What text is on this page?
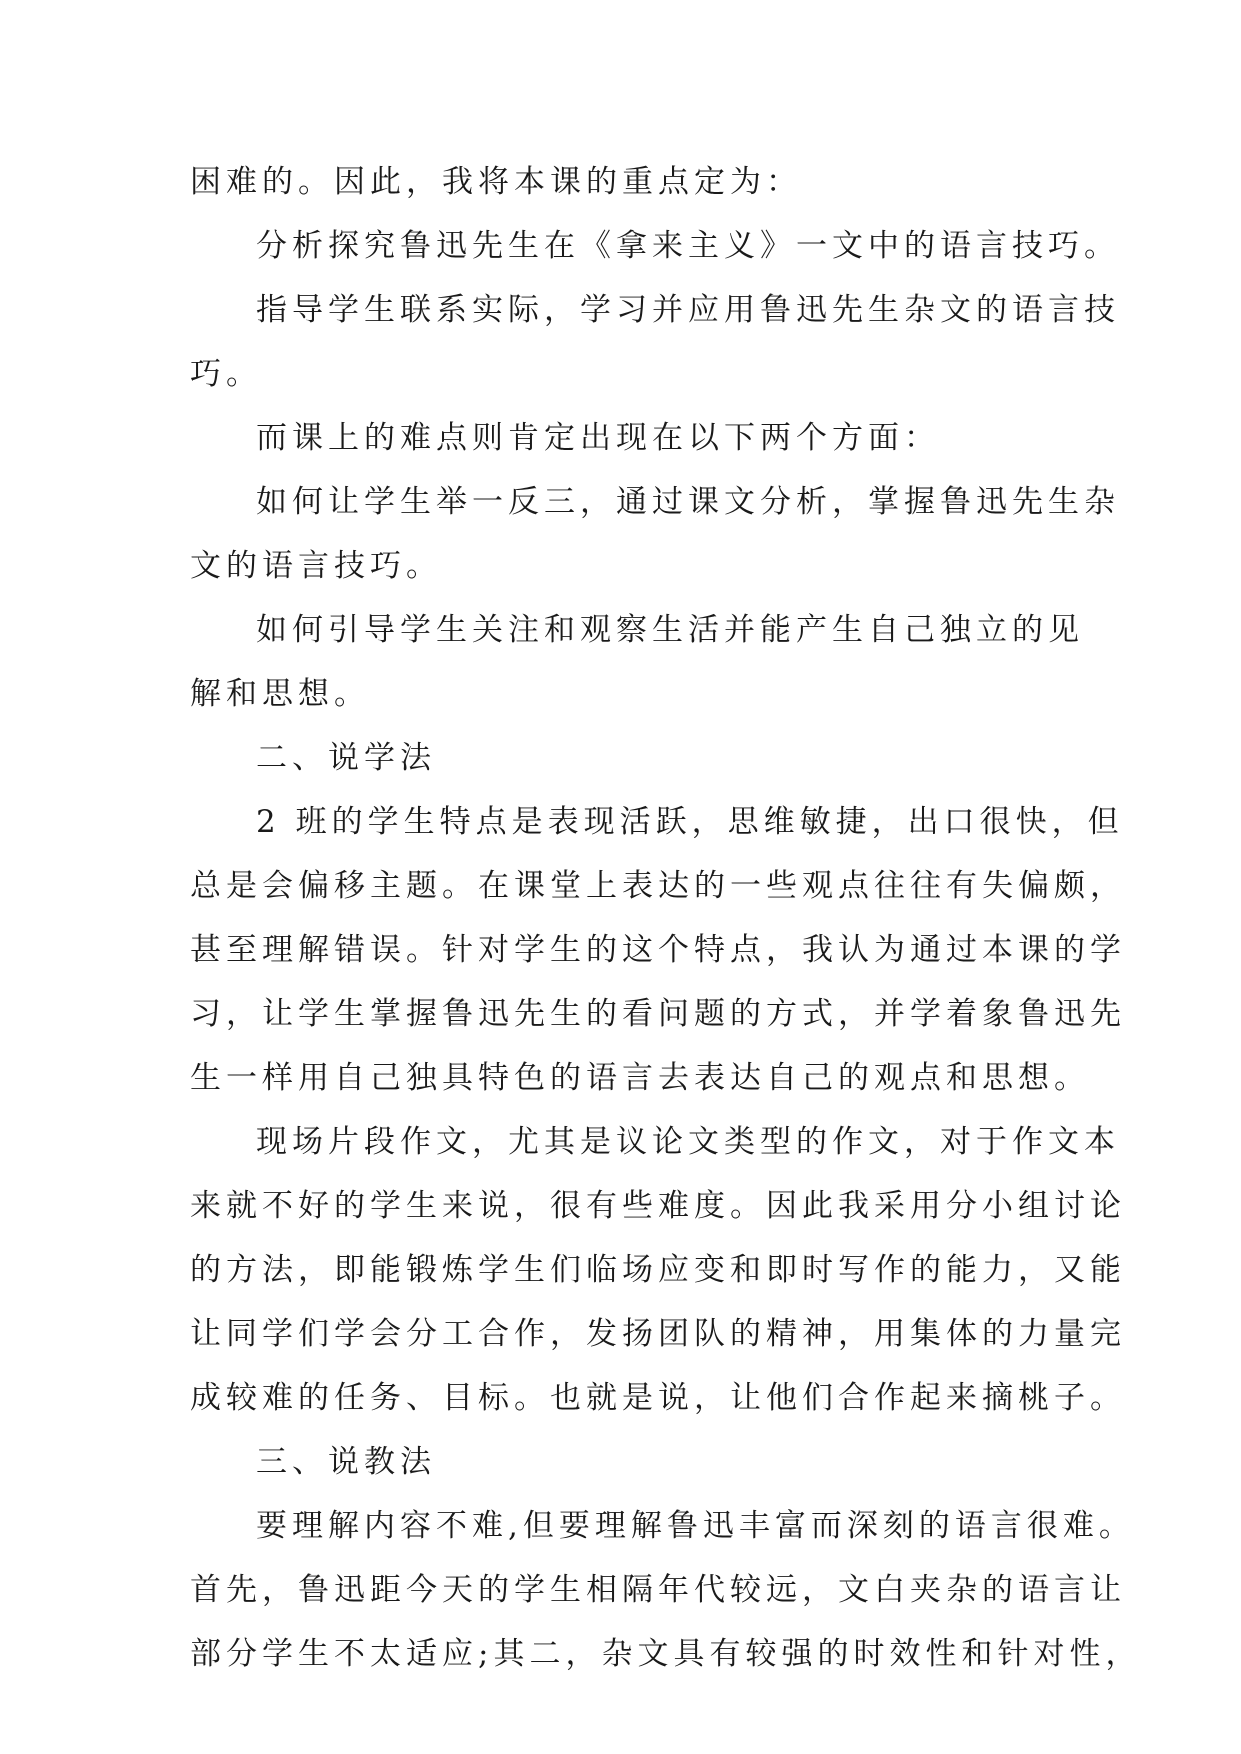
困难的。因此，我将本课的重点定为：
分析探究鲁迅先生在《拿来主义》一文中的语言技巧。
指导学生联系实际，学习并应用鲁迅先生杂文的语言技
巧。
而课上的难点则肯定出现在以下两个方面：
如何让学生举一反三，通过课文分析，掌握鲁迅先生杂
文的语言技巧。
如何引导学生关注和观察生活并能产生自己独立的见
解和思想。
二、说学法
2 班的学生特点是表现活跃，思维敏捷，出口很快，但
总是会偏移主题。在课堂上表达的一些观点往往有失偏颇，
甚至理解错误。针对学生的这个特点，我认为通过本课的学
习，让学生掌握鲁迅先生的看问题的方式，并学着象鲁迅先
生一样用自己独具特色的语言去表达自己的观点和思想。
现场片段作文，尤其是议论文类型的作文，对于作文本
来就不好的学生来说，很有些难度。因此我采用分小组讨论
的方法，即能锻炼学生们临场应变和即时写作的能力，又能
让同学们学会分工合作，发扬团队的精神，用集体的力量完
成较难的任务、目标。也就是说，让他们合作起来摘桃子。
三、说教法
要理解内容不难,但要理解鲁迅丰富而深刻的语言很难。
首先，鲁迅距今天的学生相隔年代较远，文白夹杂的语言让
部分学生不太适应;其二，杂文具有较强的时效性和针对性，
